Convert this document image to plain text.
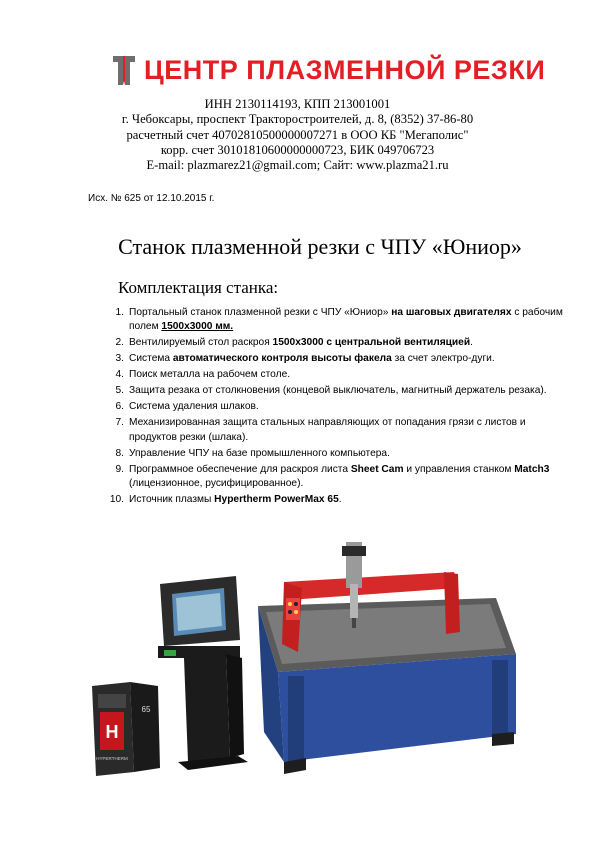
ЦЕНТР ПЛАЗМЕННОЙ РЕЗКИ
ИНН 2130114193, КПП 213001001
г. Чебоксары, проспект Тракторостроителей, д. 8, (8352) 37-86-80
расчетный счет 40702810500000007271 в ООО КБ "Мегаполис"
корр. счет 30101810600000000723, БИК 049706723
E-mail: plazmarez21@gmail.com; Сайт: www.plazma21.ru
Исх. № 625 от 12.10.2015 г.
Станок плазменной резки с ЧПУ «Юниор»
Комплектация станка:
1. Портальный станок плазменной резки с ЧПУ «Юниор» на шаговых двигателях с рабочим полем 1500х3000 мм.
2. Вентилируемый стол раскроя 1500х3000 с центральной вентиляцией.
3. Система автоматического контроля высоты факела за счет электро-дуги.
4. Поиск металла на рабочем столе.
5. Защита резака от столкновения (концевой выключатель, магнитный держатель резака).
6. Система удаления шлаков.
7. Механизированная защита стальных направляющих от попадания грязи с листов и продуктов резки (шлака).
8. Управление ЧПУ на базе промышленного компьютера.
9. Программное обеспечение для раскроя листа Sheet Cam и управления станком Match3 (лицензионное, русифицированное).
10. Источник плазмы Hypertherm PowerMax 65.
H
HYPERTHERM
65
